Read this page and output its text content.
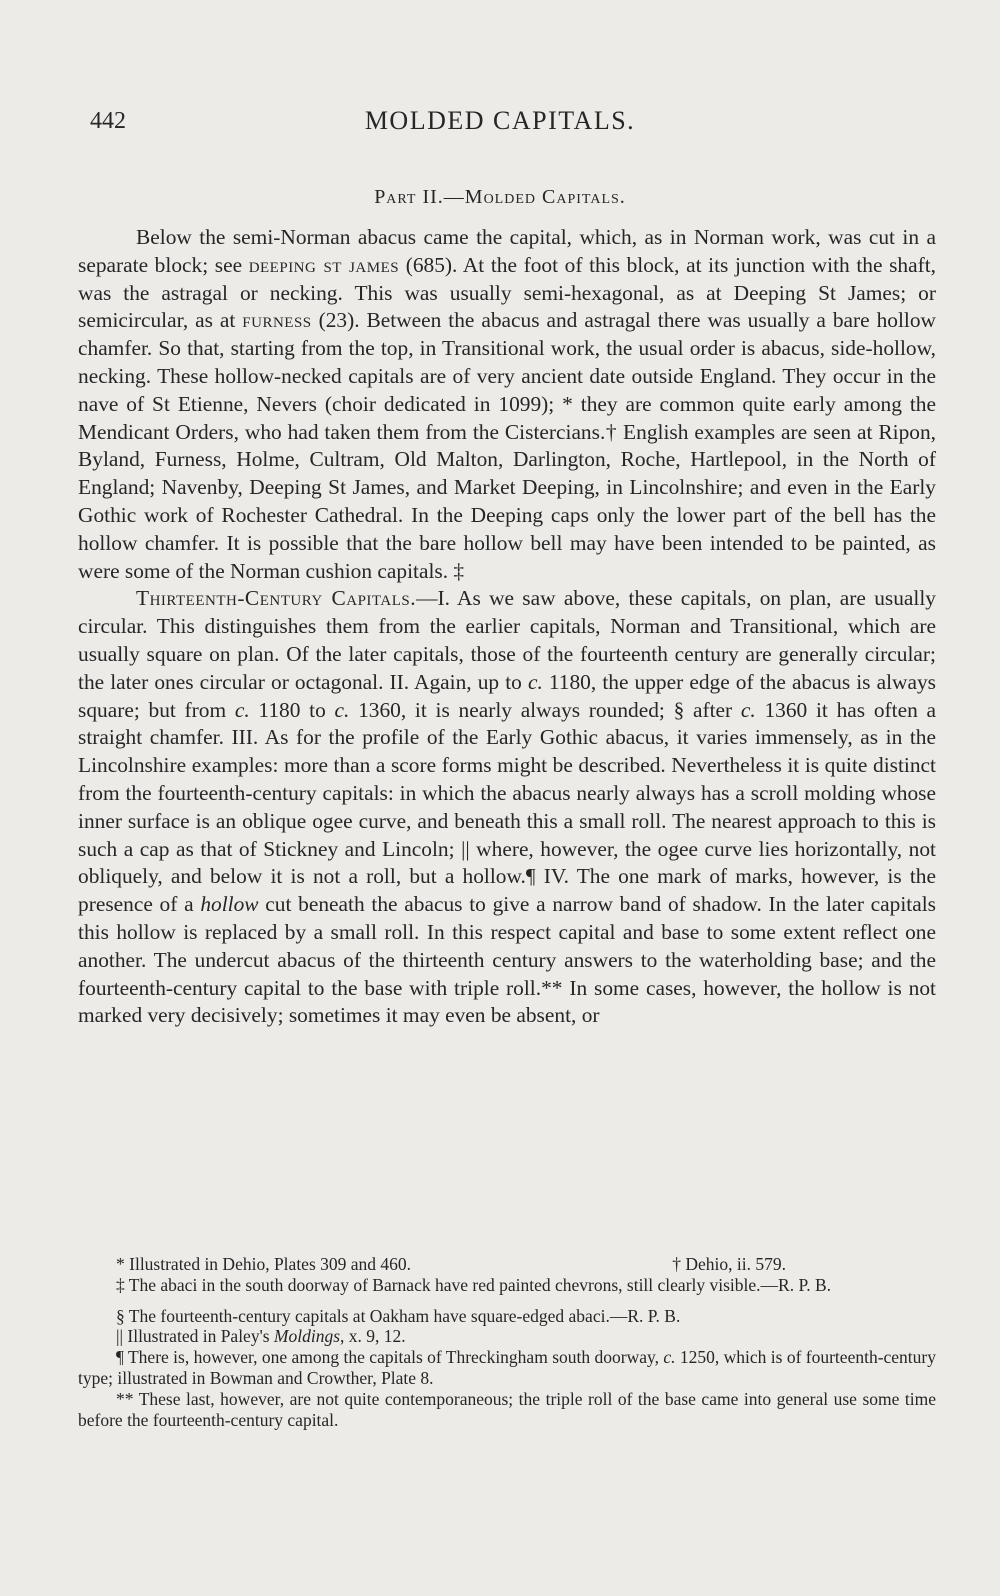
442	MOLDED CAPITALS.
Part II.—Molded Capitals.

Below the semi-Norman abacus came the capital, which, as in Norman work, was cut in a separate block; see deeping st james (685). At the foot of this block, at its junction with the shaft, was the astragal or necking. This was usually semi-hexagonal, as at Deeping St James; or semicircular, as at furness (23). Between the abacus and astragal there was usually a bare hollow chamfer. So that, starting from the top, in Transitional work, the usual order is abacus, side-hollow, necking. These hollow-necked capitals are of very ancient date outside England. They occur in the nave of St Etienne, Nevers (choir dedicated in 1099); * they are common quite early among the Mendicant Orders, who had taken them from the Cistercians.† English examples are seen at Ripon, Byland, Furness, Holme, Cultram, Old Malton, Darlington, Roche, Hartlepool, in the North of England; Navenby, Deeping St James, and Market Deeping, in Lincolnshire; and even in the Early Gothic work of Rochester Cathedral. In the Deeping caps only the lower part of the bell has the hollow chamfer. It is possible that the bare hollow bell may have been intended to be painted, as were some of the Norman cushion capitals. ‡

Thirteenth-Century Capitals.—I. As we saw above, these capitals, on plan, are usually circular. This distinguishes them from the earlier capitals, Norman and Transitional, which are usually square on plan. Of the later capitals, those of the fourteenth century are generally circular; the later ones circular or octagonal. II. Again, up to c. 1180, the upper edge of the abacus is always square; but from c. 1180 to c. 1360, it is nearly always rounded; § after c. 1360 it has often a straight chamfer. III. As for the profile of the Early Gothic abacus, it varies immensely, as in the Lincolnshire examples: more than a score forms might be described. Nevertheless it is quite distinct from the fourteenth-century capitals: in which the abacus nearly always has a scroll molding whose inner surface is an oblique ogee curve, and beneath this a small roll. The nearest approach to this is such a cap as that of Stickney and Lincoln; || where, however, the ogee curve lies horizontally, not obliquely, and below it is not a roll, but a hollow.¶ IV. The one mark of marks, however, is the presence of a hollow cut beneath the abacus to give a narrow band of shadow. In the later capitals this hollow is replaced by a small roll. In this respect capital and base to some extent reflect one another. The undercut abacus of the thirteenth century answers to the waterholding base; and the fourteenth-century capital to the base with triple roll.** In some cases, however, the hollow is not marked very decisively; sometimes it may even be absent, or

* Illustrated in Dehio, Plates 309 and 460.	† Dehio, ii. 579.

‡ The abaci in the south doorway of Barnack have red painted chevrons, still clearly visible.—R. P. B.

§ The fourteenth-century capitals at Oakham have square-edged abaci.—R. P. B.

|| Illustrated in Paley's Moldings, x. 9, 12.

¶ There is, however, one among the capitals of Threckingham south doorway, c. 1250, which is of fourteenth-century type; illustrated in Bowman and Crowther, Plate 8.

** These last, however, are not quite contemporaneous; the triple roll of the base came into general use some time before the fourteenth-century capital.
